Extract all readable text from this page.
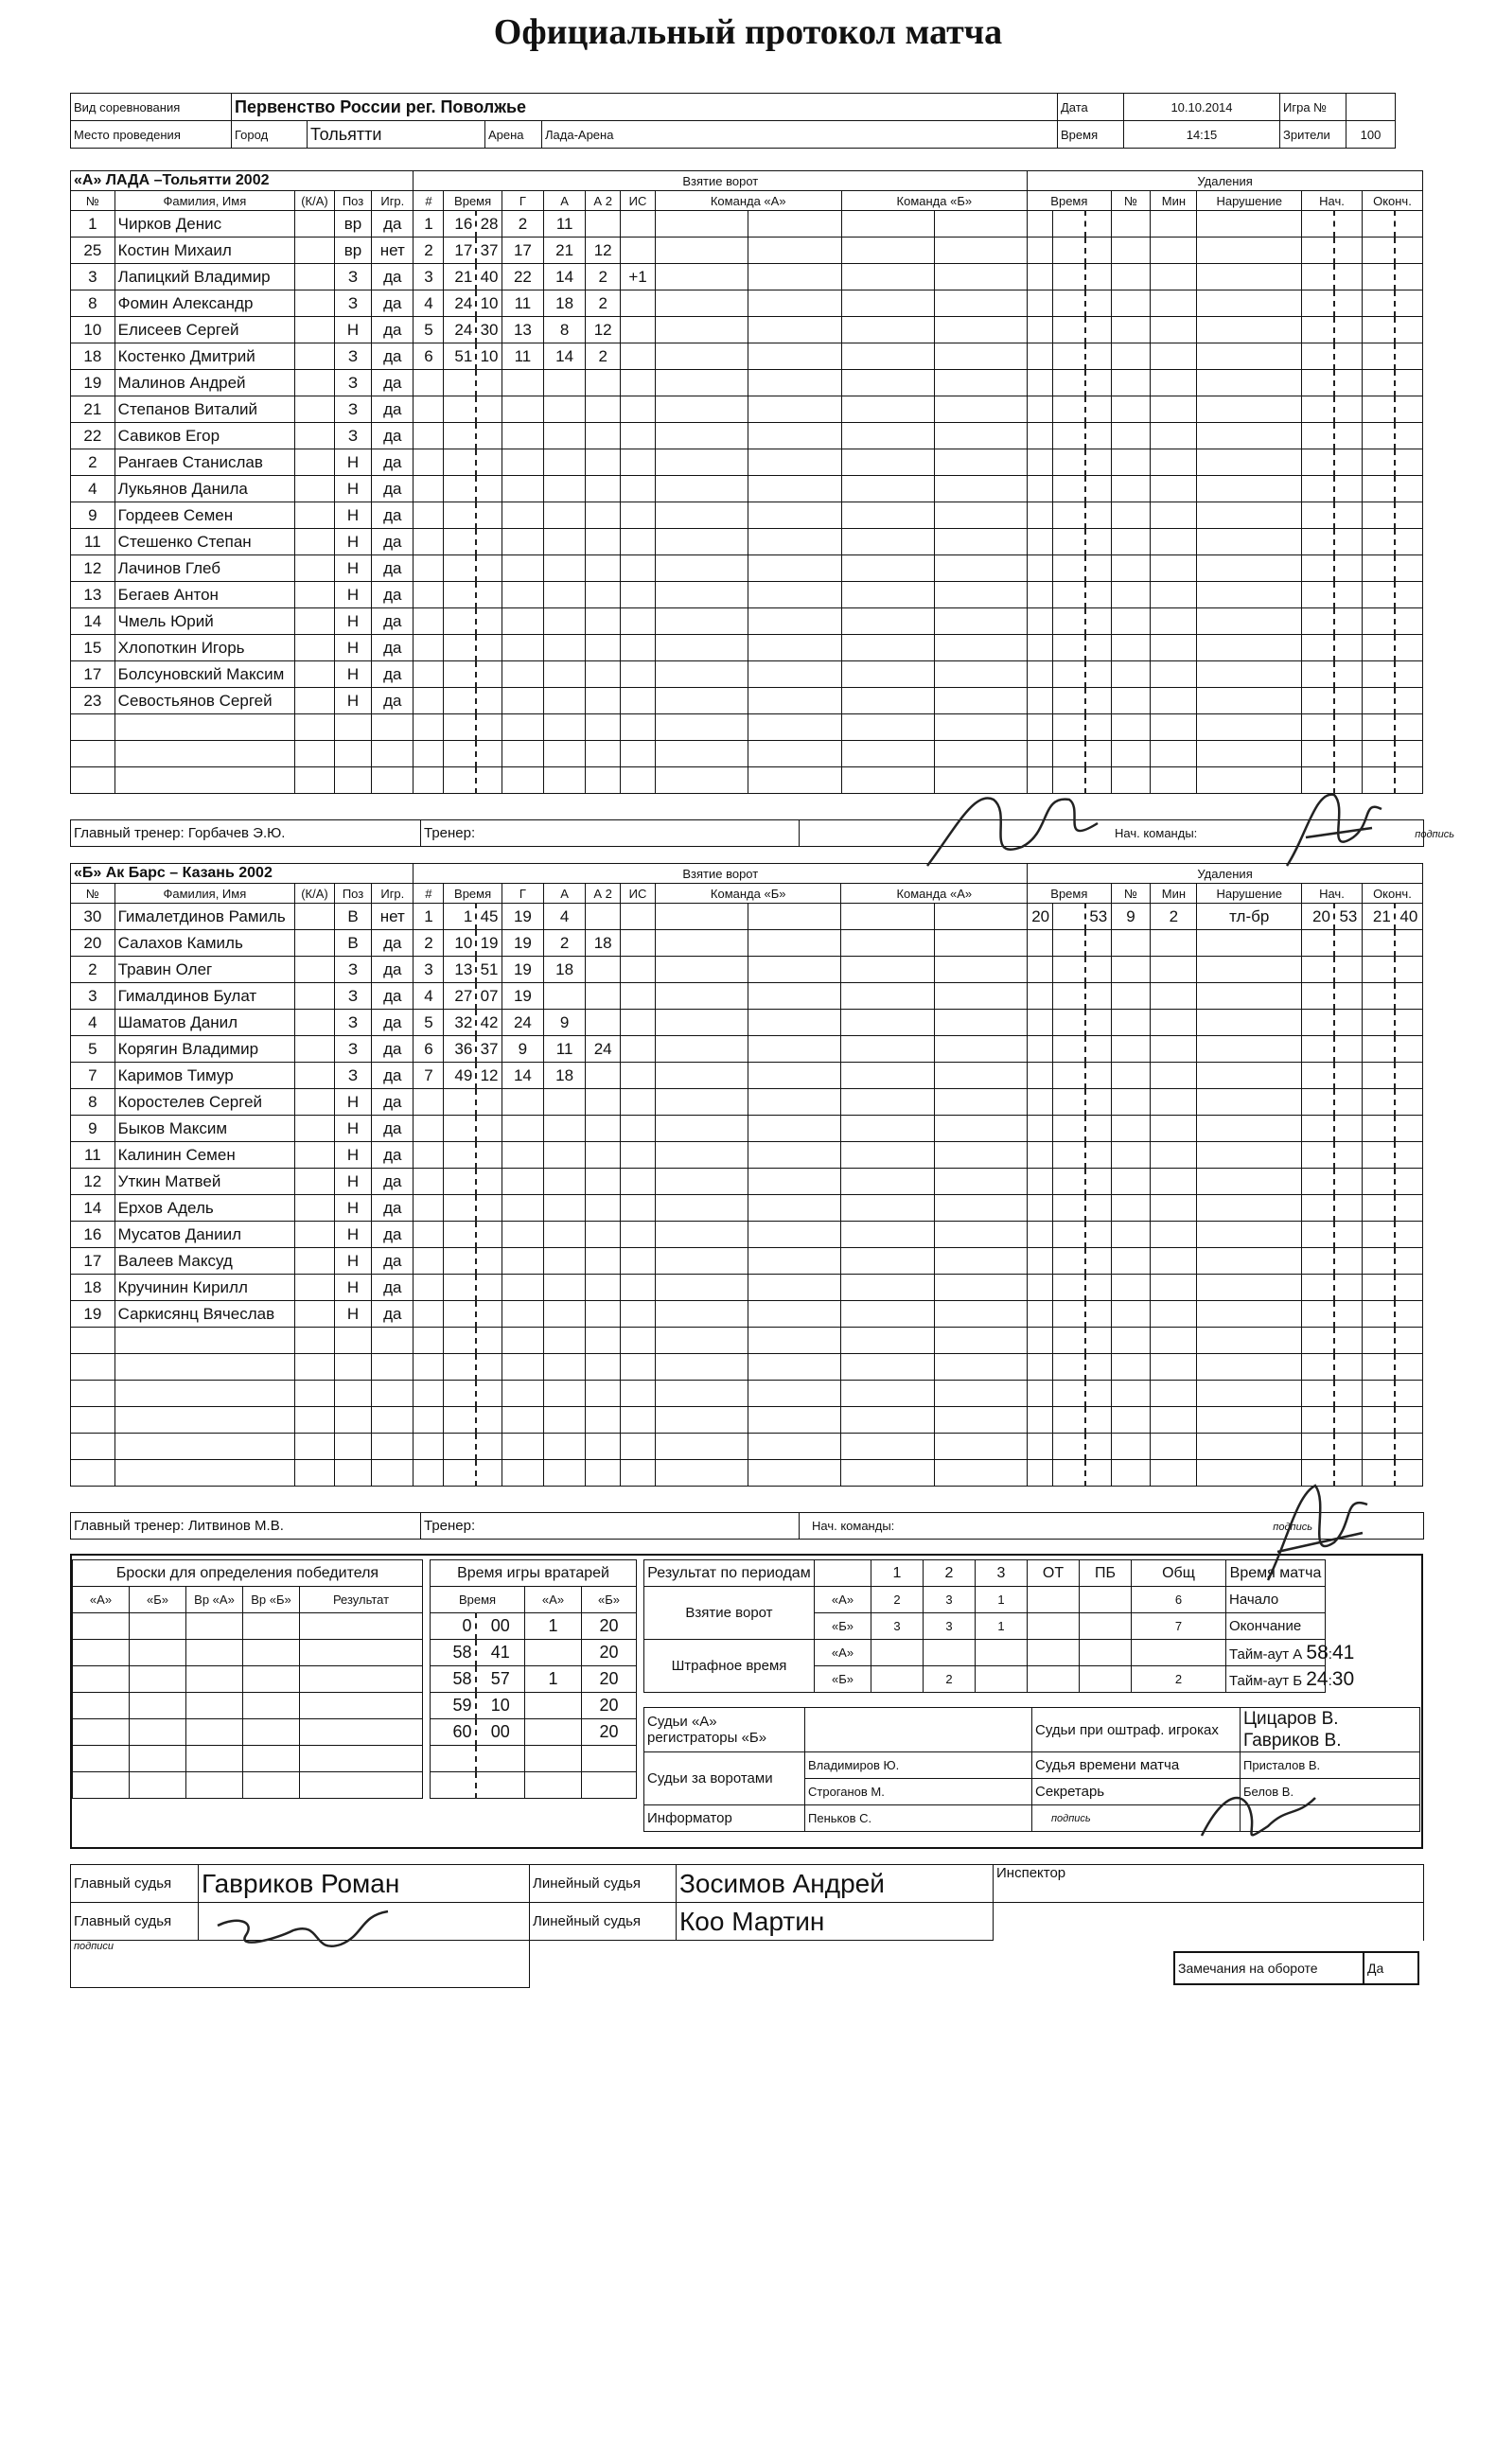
Официальный протокол матча
Вид соревнования	Первенство России рег. Поволжье				Дата	10.10.2014	Игра №	
Место проведения	Город	Тольятти	Арена	Лада-Арена	Время	14:15	Зрители	100
«А» ЛАДА –Тольятти 2002					Взятие ворот											Удаления									
№	Фамилия, Имя	(К/А)	Поз	Игр.	#	Время		Г	А	А 2	ИС	Команда «А»		Команда «Б»		Время			№	Мин	Нарушение	Нач.		Оконч.	
1	Чирков Денис		вр	да	1	16	28	2	11																
25	Костин Михаил		вр	нет	2	17	37	17	21	12															
3	Лапицкий Владимир		З	да	3	21	40	22	14	2	+1														
8	Фомин Александр		З	да	4	24	10	11	18	2															
10	Елисеев Сергей		Н	да	5	24	30	13	8	12															
18	Костенко Дмитрий		З	да	6	51	10	11	14	2															
19	Малинов Андрей		З	да																					
21	Степанов Виталий		З	да																					
22	Савиков Егор		З	да																					
2	Рангаев Станислав		Н	да																					
4	Лукьянов Данила		Н	да																					
9	Гордеев Семен		Н	да																					
11	Стешенко Степан		Н	да																					
12	Лачинов Глеб		Н	да																					
13	Бегаев Антон		Н	да																					
14	Чмель Юрий		Н	да																					
15	Хлопоткин Игорь		Н	да																					
17	Болсуновский Максим		Н	да																					
23	Севостьянов Сергей		Н	да																					

Главный тренер: Горбачев Э.Ю.	Тренер:	Нач. команды:	подпись
«Б» Ак Барс – Казань 2002					Взятие ворот											Удаления									
№	Фамилия, Имя	(К/А)	Поз	Игр.	#	Время		Г	А	А 2	ИС	Команда «Б»		Команда «А»		Время			№	Мин	Нарушение	Нач.		Оконч.	
30	Гималетдинов Рамиль		В	нет	1	1	45	19	4							20		53	9	2	тл-бр	20	53	21	40
20	Салахов Камиль		В	да	2	10	19	19	2	18															
2	Травин Олег		З	да	3	13	51	19	18																
3	Гималдинов Булат		З	да	4	27	07	19																	
4	Шаматов Данил		З	да	5	32	42	24	9																
5	Корягин Владимир		З	да	6	36	37	9	11	24															
7	Каримов Тимур		З	да	7	49	12	14	18																
8	Коростелев Сергей		Н	да																					
9	Быков Максим		Н	да																					
11	Калинин Семен		Н	да																					
12	Уткин Матвей		Н	да																					
14	Ерхов Адель		Н	да																					
16	Мусатов Даниил		Н	да																					
17	Валеев Максуд		Н	да																					
18	Кручинин Кирилл		Н	да																					
19	Саркисянц Вячеслав		Н	да																					

Главный тренер: Литвинов М.В.	Тренер:	Нач. команды:	подпись
Броски для определения победителя				
«А»	«Б»	Вр «А»	Вр «Б»	Результат

Время игры вратарей			
Время		«А»	«Б»
0	00	1	20
58	41		20
58	57	1	20
59	10		20
60	00		20

Результат по периодам		1	2	3	ОТ	ПБ	Общ	Время матча
Взятие ворот	«А»	2	3	1			6	Начало
	«Б»	3	3	1			7	Окончание
Штрафное время	«А»							Тайм-аут А 58:41
	«Б»		2				2	Тайм-аут Б 24:30
Судьи «А» регистраторы «Б»		Судьи при оштраф. игроках	Цицаров В.
Гавриков В.
Судьи за воротами	Владимиров Ю.	Судья времени матча	Присталов В.
	Строганов М.	Секретарь	Белов В.
Информатор	Пеньков С.	подпись	
Главный судья	Гавриков Роман	Линейный судья	Зосимов Андрей	Инспектор
Главный судья		Линейный судья	Коо Мартин	
подписи				
Замечания на обороте	Да
